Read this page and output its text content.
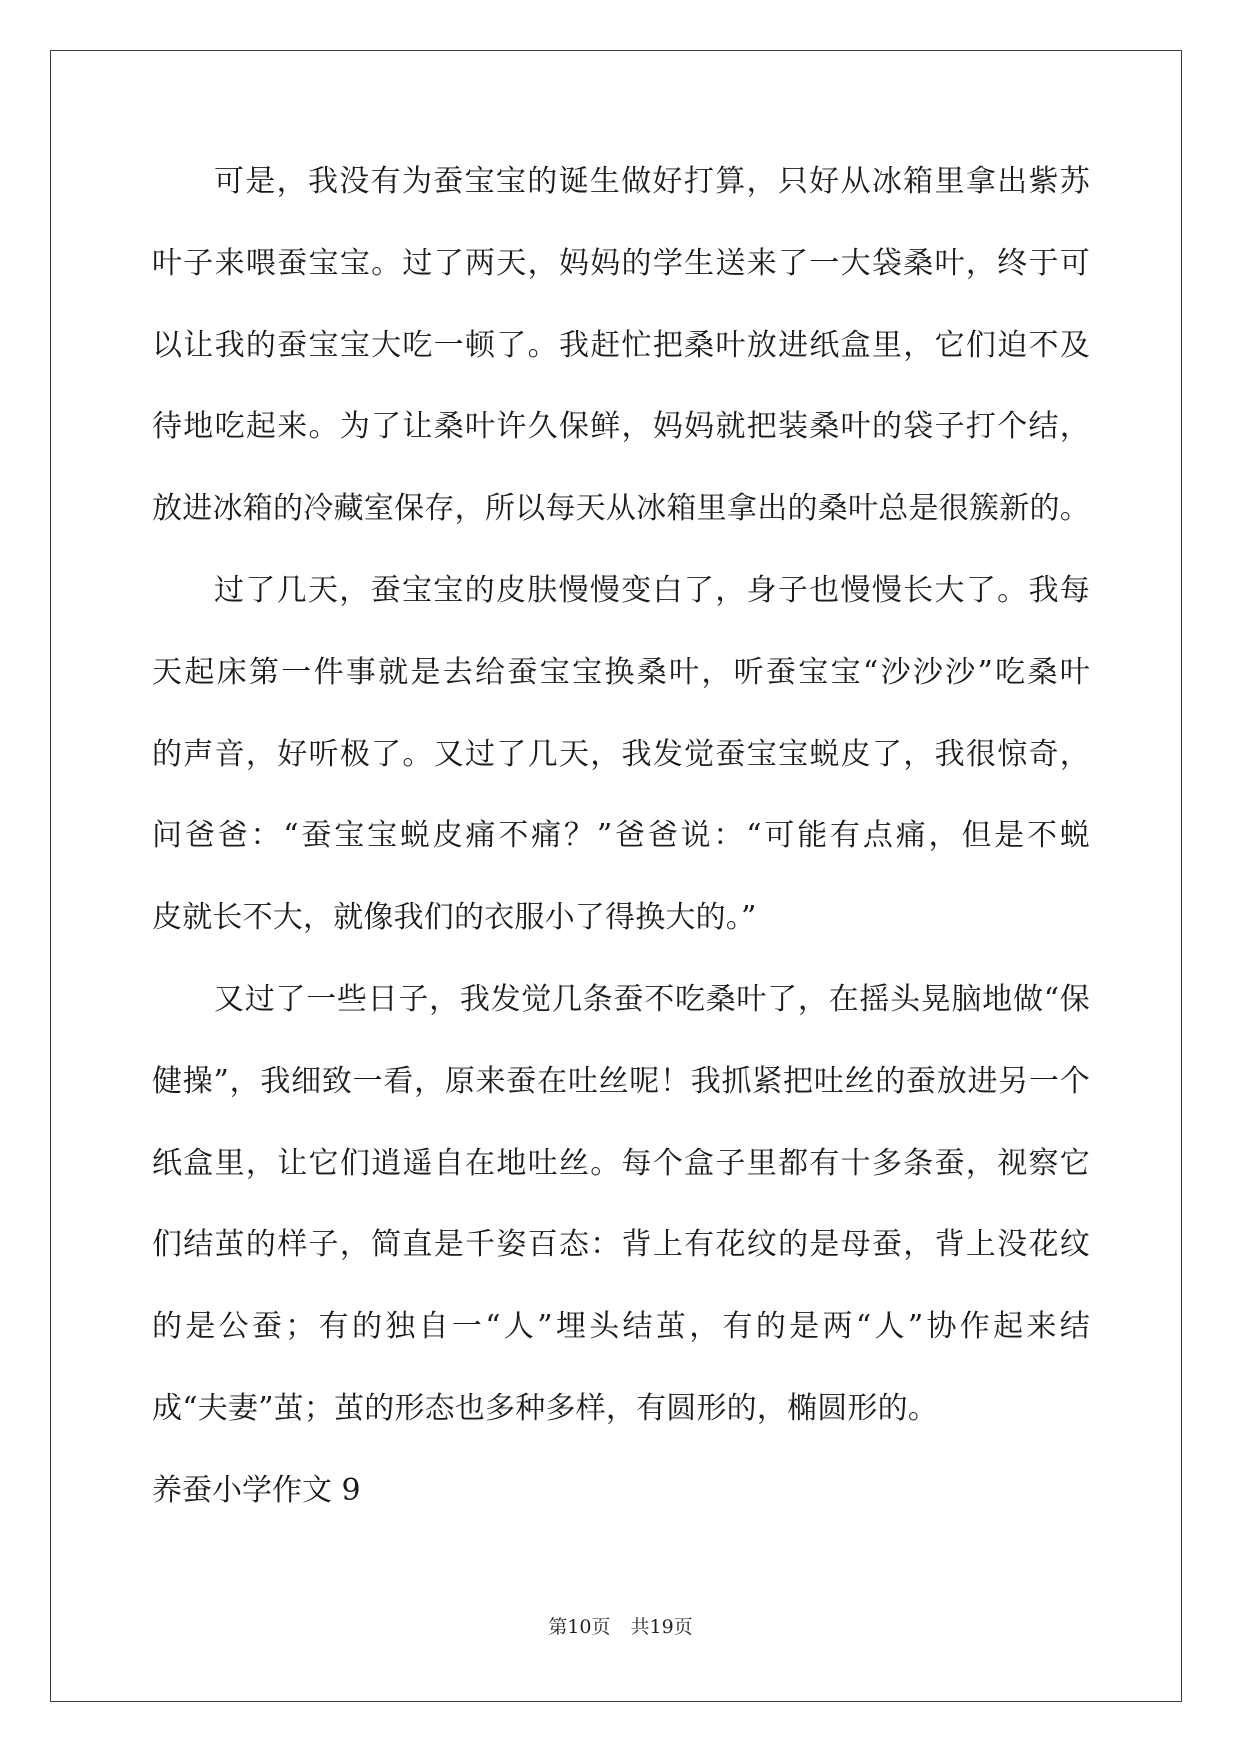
可是，我没有为蚕宝宝的诞生做好打算，只好从冰箱里拿出紫苏
叶子来喂蚕宝宝。过了两天，妈妈的学生送来了一大袋桑叶，终于可
以让我的蚕宝宝大吃一顿了。我赶忙把桑叶放进纸盒里，它们迫不及
待地吃起来。为了让桑叶许久保鲜，妈妈就把装桑叶的袋子打个结，
放进冰箱的冷藏室保存，所以每天从冰箱里拿出的桑叶总是很簇新的。
过了几天，蚕宝宝的皮肤慢慢变白了，身子也慢慢长大了。我每
天起床第一件事就是去给蚕宝宝换桑叶，听蚕宝宝“沙沙沙”吃桑叶
的声音，好听极了。又过了几天，我发觉蚕宝宝蜕皮了，我很惊奇，
问爸爸：“蚕宝宝蜕皮痛不痛？”爸爸说：“可能有点痛，但是不蜕
皮就长不大，就像我们的衣服小了得换大的。”
又过了一些日子，我发觉几条蚕不吃桑叶了，在摇头晃脑地做“保
健操”，我细致一看，原来蚕在吐丝呢！我抓紧把吐丝的蚕放进另一个
纸盒里，让它们逍遥自在地吐丝。每个盒子里都有十多条蚕，视察它
们结茧的样子，简直是千姿百态：背上有花纹的是母蚕，背上没花纹
的是公蚕；有的独自一“人”埋头结茧，有的是两“人”协作起来结
成“夫妻”茧；茧的形态也多种多样，有圆形的，椭圆形的。
养蚕小学作文 9
第10页 共19页
